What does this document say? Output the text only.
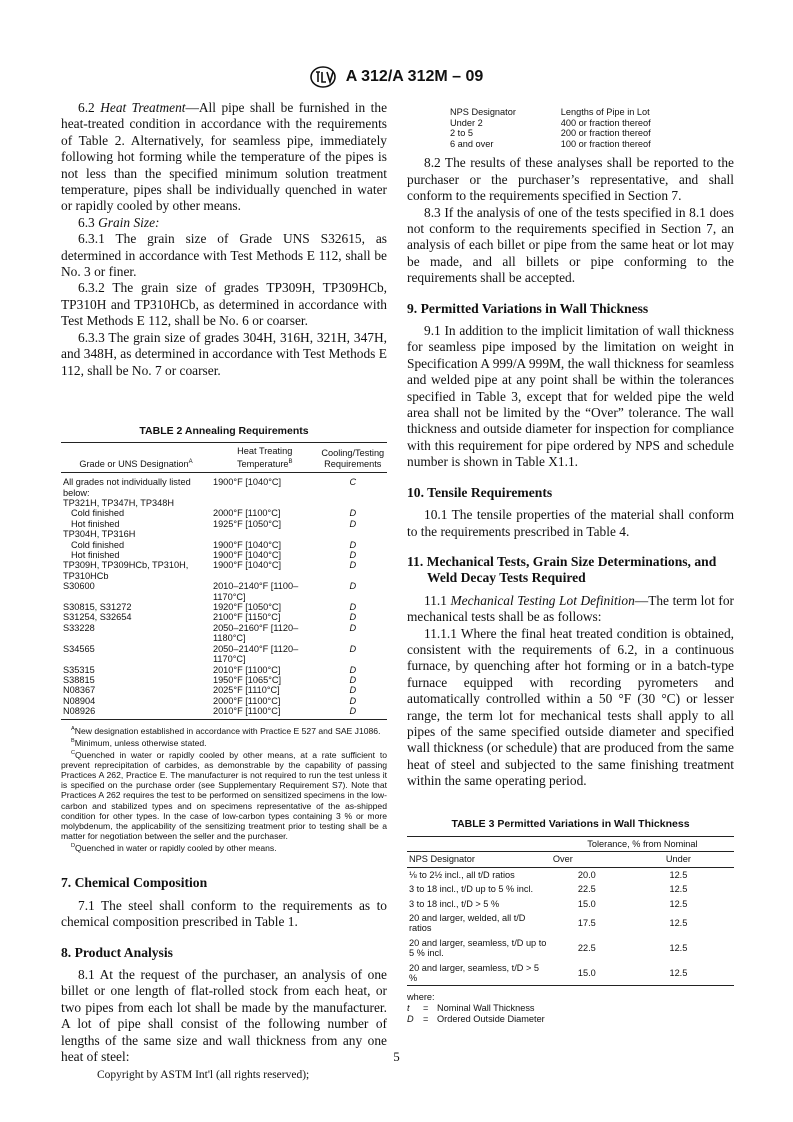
A 312/A 312M – 09

6.2 Heat Treatment—All pipe shall be furnished in the heat-treated condition in accordance with the requirements of Table 2. Alternatively, for seamless pipe, immediately following hot forming while the temperature of the pipes is not less than the specified minimum solution treatment temperature, pipes shall be individually quenched in water or rapidly cooled by other means.

6.3 Grain Size:

6.3.1 The grain size of Grade UNS S32615, as determined in accordance with Test Methods E 112, shall be No. 3 or finer.

6.3.2 The grain size of grades TP309H, TP309HCb, TP310H and TP310HCb, as determined in accordance with Test Methods E 112, shall be No. 6 or coarser.

6.3.3 The grain size of grades 304H, 316H, 321H, 347H, and 348H, as determined in accordance with Test Methods E 112, shall be No. 7 or coarser.

TABLE 2 Annealing Requirements
Grade or UNS Designation$^A$	Heat Treating Temperature$^B$	Cooling/Testing Requirements
All grades not individually listed below:	1900°F [1040°C]	C
TP321H, TP347H, TP348H		
Cold finished	2000°F [1100°C]	D
Hot finished	1925°F [1050°C]	D
TP304H, TP316H		
Cold finished	1900°F [1040°C]	D
Hot finished	1900°F [1040°C]	D
TP309H, TP309HCb, TP310H, TP310HCb	1900°F [1040°C]	D
S30600	2010–2140°F [1100–1170°C]	D
S30815, S31272	1920°F [1050°C]	D
S31254, S32654	2100°F [1150°C]	D
S33228	2050–2160°F [1120–1180°C]	D
S34565	2050–2140°F [1120–1170°C]	D
S35315	2010°F [1100°C]	D
S38815	1950°F [1065°C]	D
N08367	2025°F [1110°C]	D
N08904	2000°F [1100°C]	D
N08926	2010°F [1100°C]	D

$^A$New designation established in accordance with Practice E 527 and SAE J1086.

$^B$Minimum, unless otherwise stated.

$^C$Quenched in water or rapidly cooled by other means, at a rate sufficient to prevent reprecipitation of carbides, as demonstrable by the capability of passing Practices A 262, Practice E. The manufacturer is not required to run the test unless it is specified on the purchase order (see Supplementary Requirement S7). Note that Practices A 262 requires the test to be performed on sensitized specimens in the low-carbon and stabilized types and on specimens representative of the as-shipped condition for other types. In the case of low-carbon types containing 3 % or more molybdenum, the applicability of the sensitizing treatment prior to testing shall be a matter for negotiation between the seller and the purchaser.

$^D$Quenched in water or rapidly cooled by other means.

7. Chemical Composition

7.1 The steel shall conform to the requirements as to chemical composition prescribed in Table 1.

8. Product Analysis

8.1 At the request of the purchaser, an analysis of one billet or one length of flat-rolled stock from each heat, or two pipes from each lot shall be made by the manufacturer. A lot of pipe shall consist of the following number of lengths of the same size and wall thickness from any one heat of steel:

NPS Designator	Lengths of Pipe in Lot
Under 2	400 or fraction thereof
2 to 5	200 or fraction thereof
6 and over	100 or fraction thereof

8.2 The results of these analyses shall be reported to the purchaser or the purchaser’s representative, and shall conform to the requirements specified in Section 7.

8.3 If the analysis of one of the tests specified in 8.1 does not conform to the requirements specified in Section 7, an analysis of each billet or pipe from the same heat or lot may be made, and all billets or pipe conforming to the requirements shall be accepted.

9. Permitted Variations in Wall Thickness

9.1 In addition to the implicit limitation of wall thickness for seamless pipe imposed by the limitation on weight in Specification A 999/A 999M, the wall thickness for seamless and welded pipe at any point shall be within the tolerances specified in Table 3, except that for welded pipe the weld area shall not be limited by the “Over” tolerance. The wall thickness and outside diameter for inspection for compliance with this requirement for pipe ordered by NPS and schedule number is shown in Table X1.1.

10. Tensile Requirements

10.1 The tensile properties of the material shall conform to the requirements prescribed in Table 4.

11. Mechanical Tests, Grain Size Determinations, and Weld Decay Tests Required

11.1 Mechanical Testing Lot Definition—The term lot for mechanical tests shall be as follows:

11.1.1 Where the final heat treated condition is obtained, consistent with the requirements of 6.2, in a continuous furnace, by quenching after hot forming or in a batch-type furnace equipped with recording pyrometers and automatically controlled within a 50 °F (30 °C) or lesser range, the term lot for mechanical tests shall apply to all pipes of the same specified outside diameter and specified wall thickness (or schedule) that are produced from the same heat of steel and subjected to the same finishing treatment within the same operating period.

TABLE 3 Permitted Variations in Wall Thickness
	Tolerance, % from Nominal	
NPS Designator	Over	Under
⅛ to 2½ incl., all t/D ratios	20.0	12.5
3 to 18 incl., t/D up to 5 % incl.	22.5	12.5
3 to 18 incl., t/D > 5 %	15.0	12.5
20 and larger, welded, all t/D ratios	17.5	12.5
20 and larger, seamless, t/D up to 5 % incl.	22.5	12.5
20 and larger, seamless, t/D > 5 %	15.0	12.5
where:
t = Nominal Wall Thickness
D = Ordered Outside Diameter
5
Copyright by ASTM Int'l (all rights reserved);
